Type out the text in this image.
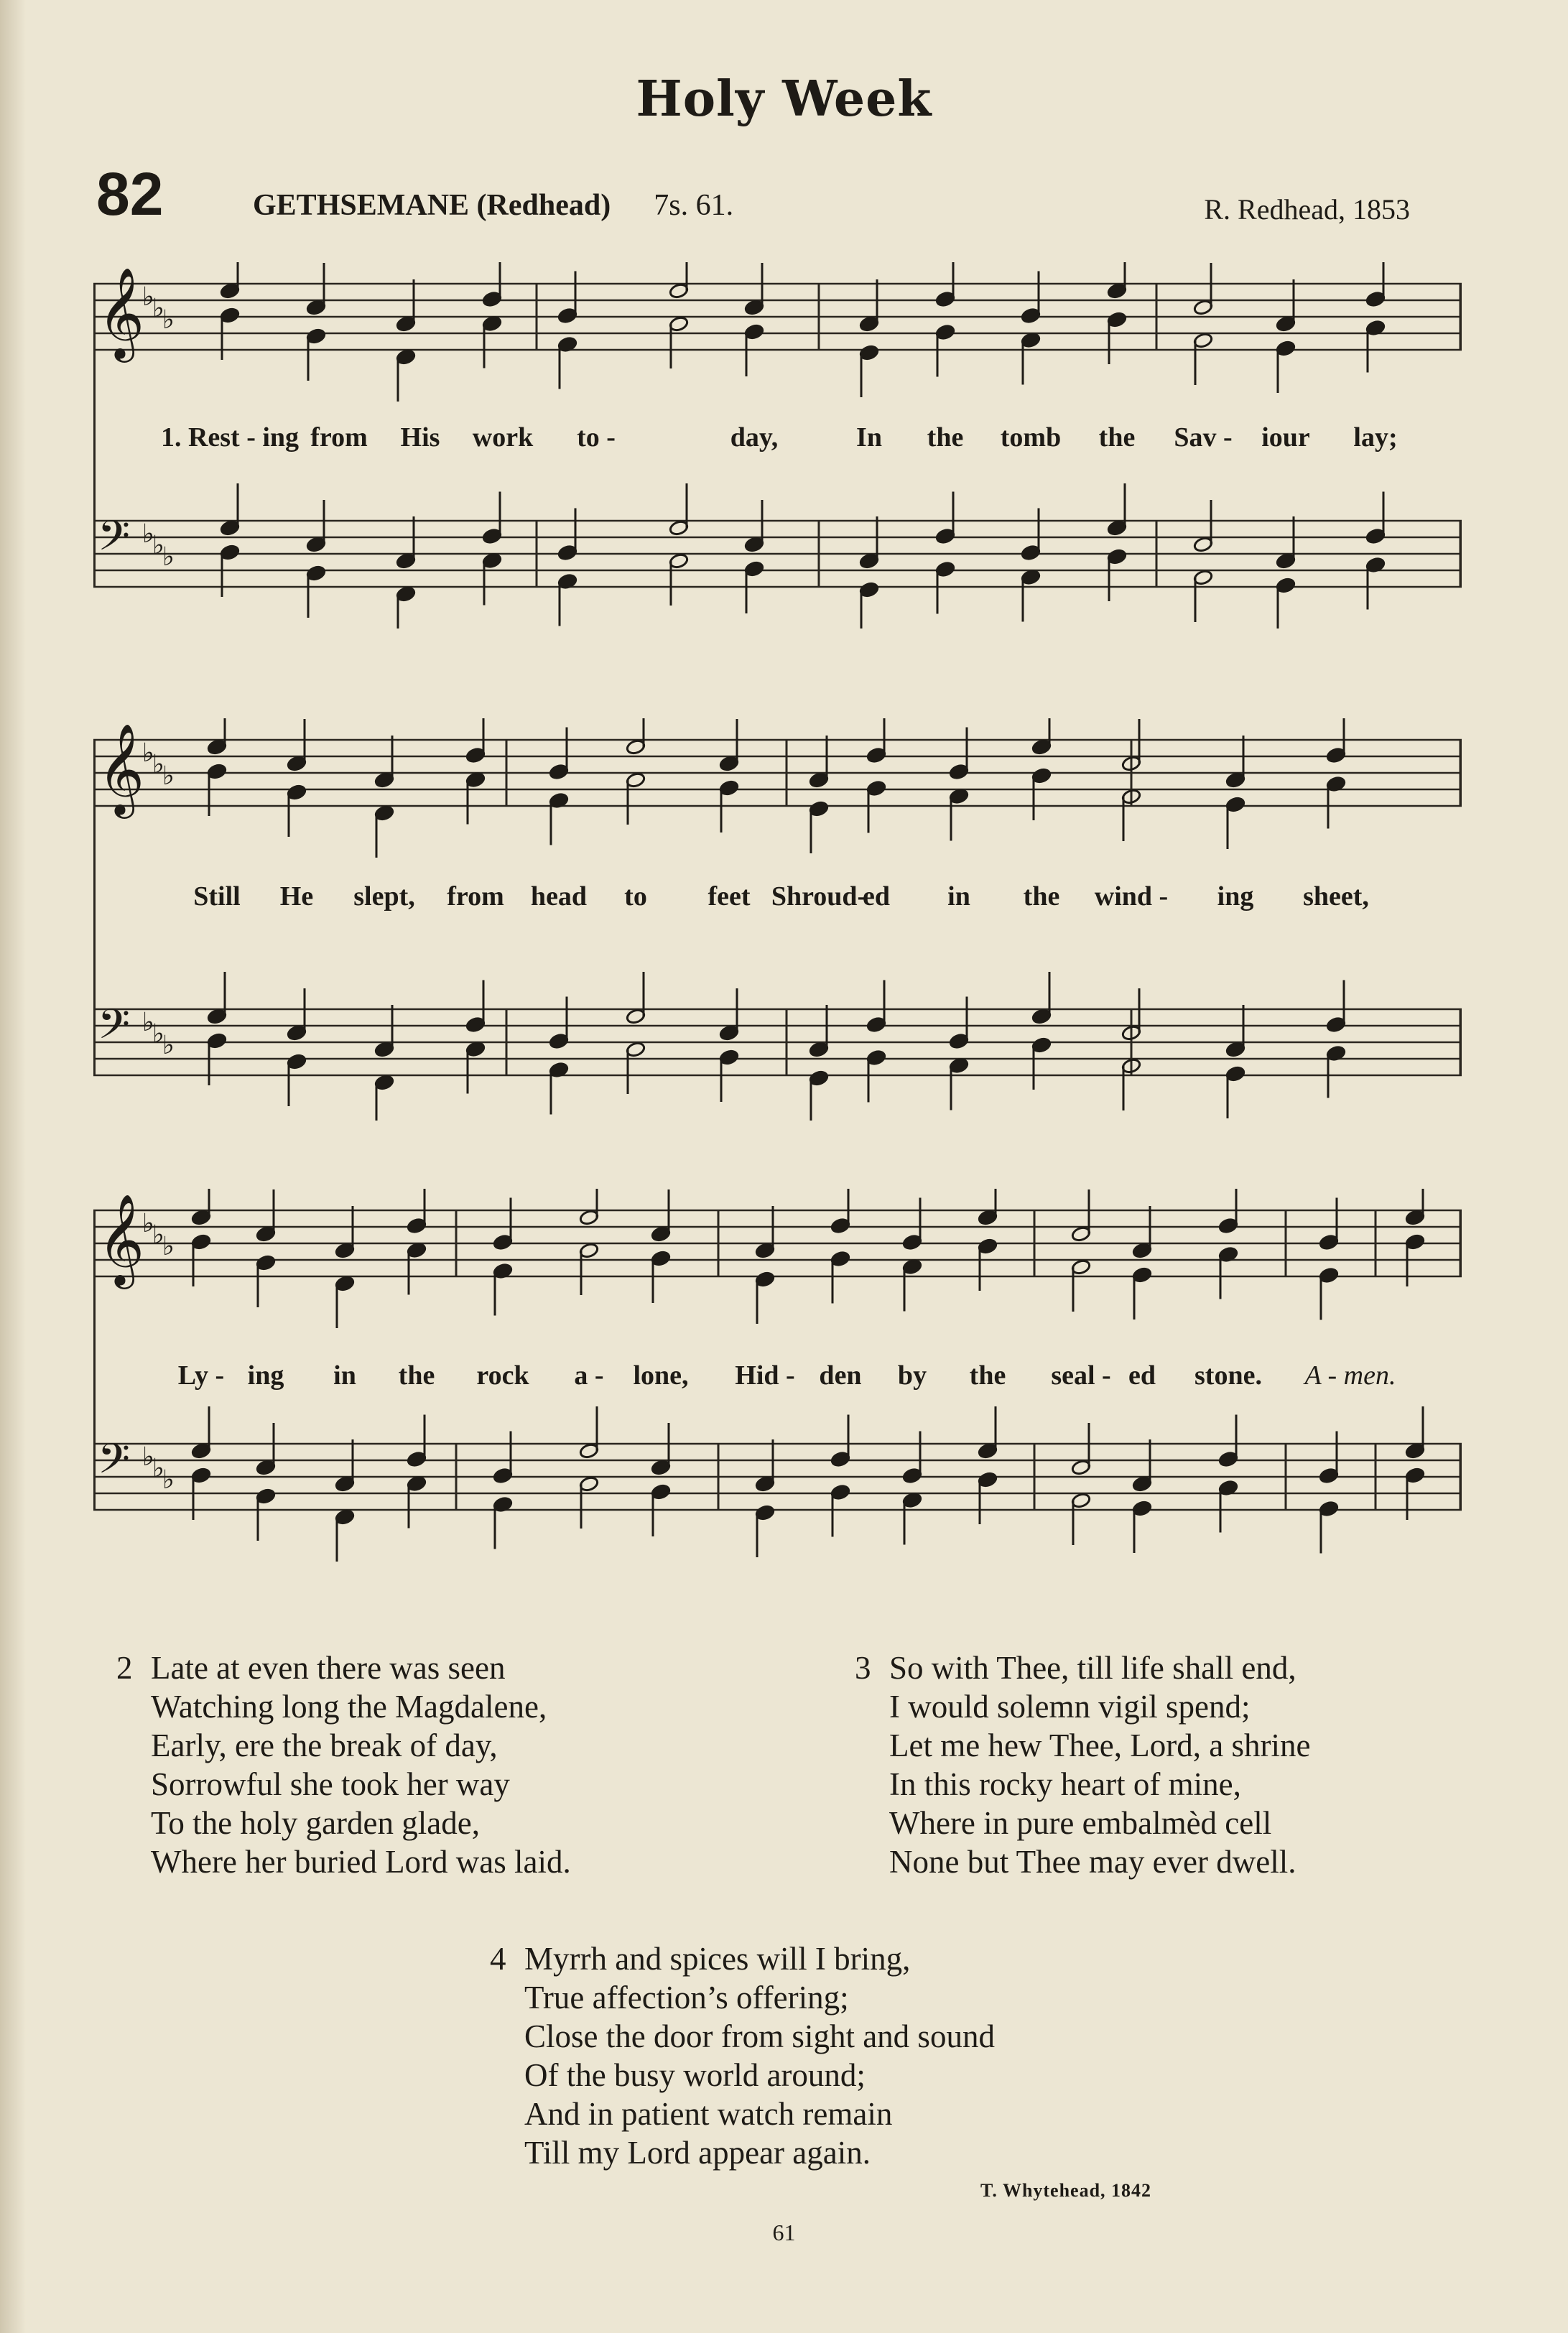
Holy Week
82	GETHSEMANE (Redhead) 7s. 61.	R. Redhead, 1853
𝄞
♭
♭
♭
𝄢 ♭
♭
♭
1. Rest - ing from His work to -	day,	In the tomb the Sav - iour lay;
𝄞
♭
♭
♭
𝄢 ♭
♭
♭
Still He slept, from head to feet Shroud-
ed in the wind - ing sheet,
𝄞
♭
♭
♭
𝄢 ♭
♭
♭
Ly - ing in the rock a - lone, Hid - den by the seal - ed stone. A - men.
2 Late at even there was seen
Watching long the Magdalene,
Early, ere the break of day,
Sorrowful she took her way
To the holy garden glade,
Where her buried Lord was laid.
3 So with Thee, till life shall end,
I would solemn vigil spend;
Let me hew Thee, Lord, a shrine
In this rocky heart of mine,
Where in pure embalmèd cell
None but Thee may ever dwell.
4 Myrrh and spices will I bring,
True affection’s offering;
Close the door from sight and sound
Of the busy world around;
And in patient watch remain
Till my Lord appear again.
T. Whytehead, 1842
61
